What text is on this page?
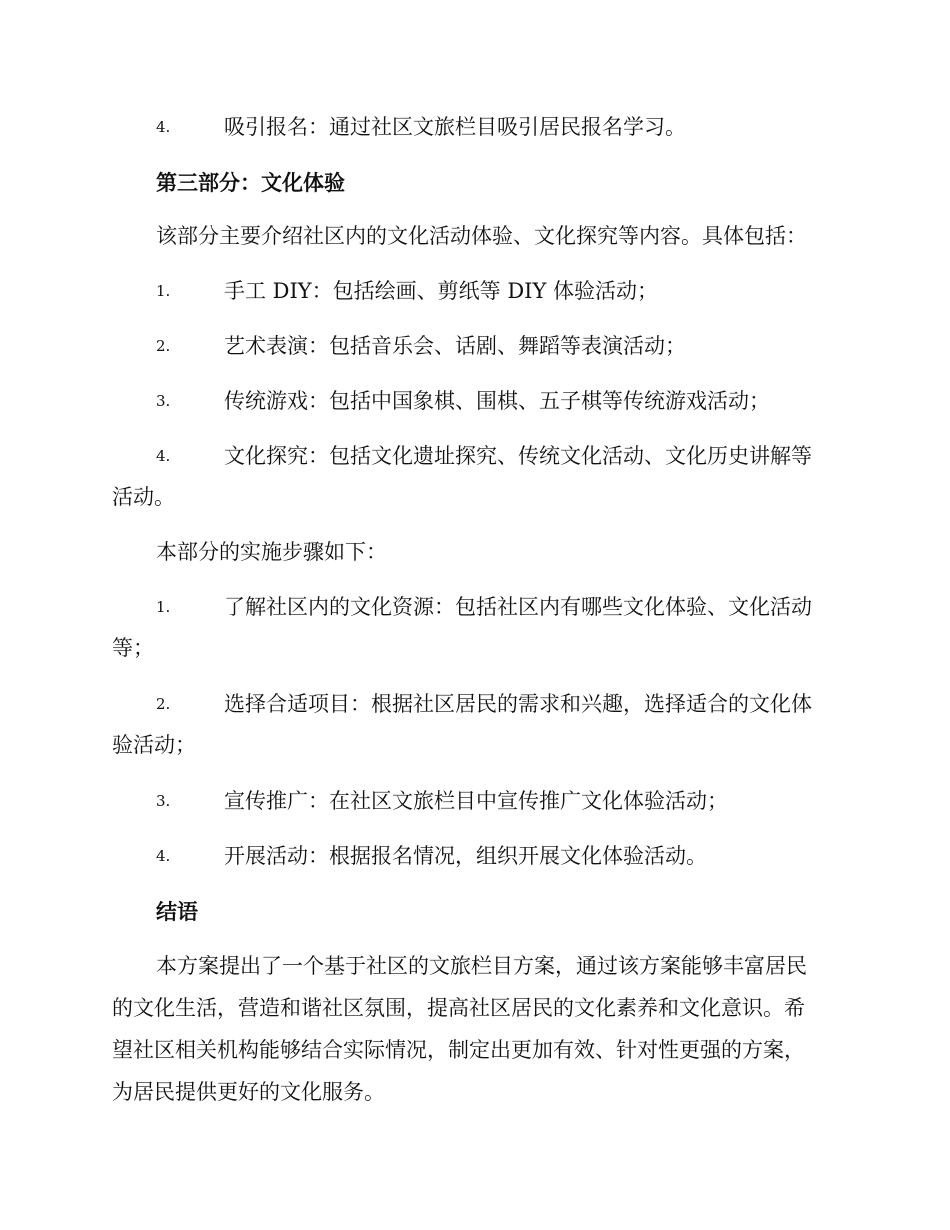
4.	吸引报名：通过社区文旅栏目吸引居民报名学习。
第三部分：文化体验
该部分主要介绍社区内的文化活动体验、文化探究等内容。具体包括：
1.	手工 DIY：包括绘画、剪纸等 DIY 体验活动；
2.	艺术表演：包括音乐会、话剧、舞蹈等表演活动；
3.	传统游戏：包括中国象棋、围棋、五子棋等传统游戏活动；
4.	文化探究：包括文化遗址探究、传统文化活动、文化历史讲解等
活动。
本部分的实施步骤如下：
1.	了解社区内的文化资源：包括社区内有哪些文化体验、文化活动
等；
2.	选择合适项目：根据社区居民的需求和兴趣，选择适合的文化体
验活动；
3.	宣传推广：在社区文旅栏目中宣传推广文化体验活动；
4.	开展活动：根据报名情况，组织开展文化体验活动。
结语
本方案提出了一个基于社区的文旅栏目方案，通过该方案能够丰富居民
的文化生活，营造和谐社区氛围，提高社区居民的文化素养和文化意识。希
望社区相关机构能够结合实际情况，制定出更加有效、针对性更强的方案，
为居民提供更好的文化服务。
